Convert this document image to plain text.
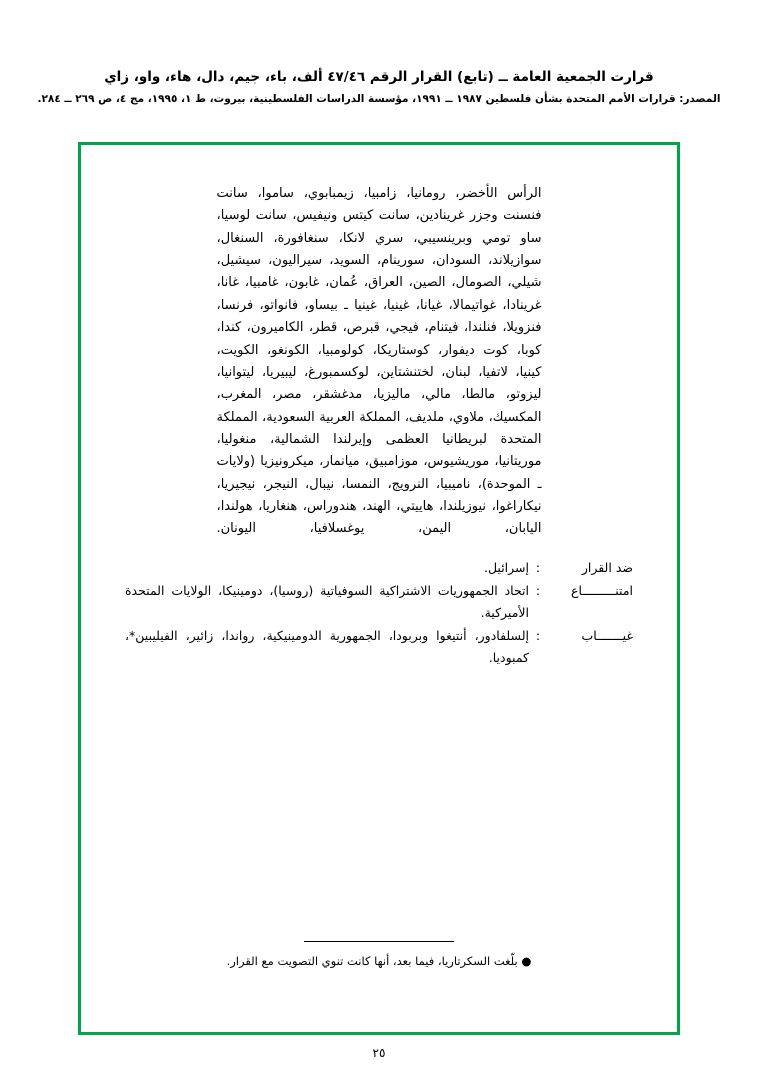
قرارت الجمعية العامة ــ (تابع) القرار الرقم ٤٧/٤٦ ألف، باء، جيم، دال، هاء، واو، زاي
المصدر: قرارات الأمم المتحدة بشأن فلسطين ١٩٨٧ ــ ١٩٩١، مؤسسة الدراسات الفلسطينية، بيروت، ط ١، ١٩٩٥، مج ٤، ص ٢٦٩ ــ ٢٨٤.
الرأس الأخضر، رومانيا، زامبيا، زيمبابوي، ساموا، سانت فنسنت وجزر غرينادين، سانت كيتس ونيفيس، سانت لوسيا، ساو تومي وبرينسيبي، سري لانكا، سنغافورة، السنغال، سوازيلاند، السودان، سورينام، السويد، سيراليون، سيشيل، شيلي، الصومال، الصين، العراق، عُمان، غابون، غامبيا، غانا، غرينادا، غواتيمالا، غيانا، غينيا، غينيا ـ بيساو، فانواتو، فرنسا، فنزويلا، فنلندا، فيتنام، فيجي، قبرص، قطر، الكاميرون، كندا، كوبا، كوت ديفوار، كوستاريكا، كولومبيا، الكونغو، الكويت، كينيا، لاتفيا، لبنان، لختنشتاين، لوكسمبورغ، ليبيريا، ليتوانيا، ليزوتو، مالطا، مالي، ماليزيا، مدغشقر، مصر، المغرب، المكسيك، ملاوي، ملديف، المملكة العربية السعودية، المملكة المتحدة لبريطانيا العظمى وإيرلندا الشمالية، منغوليا، موريتانيا، موريشيوس، موزامبيق، ميانمار، ميكرونيزيا (ولايات ـ الموحدة)، ناميبيا، النرويج، النمسا، نيبال، النيجر، نيجيريا، نيكاراغوا، نيوزيلندا، هاييتي، الهند، هندوراس، هنغاريا، هولندا، اليابان، اليمن، يوغسلافيا، اليونان.
ضد القرار
:
إسرائيل.
امتنـــــــــاع
:
اتحاد الجمهوريات الاشتراكية السوفياتية (روسيا)، دومينيكا، الولايات المتحدة الأميركية.
غيـــــــاب
:
إلسلفادور، أنتيغوا وبربودا، الجمهورية الدومينيكية، رواندا، زائير، الفيليبين*، كمبوديا.
● بلّغت السكرتاريا، فيما بعد، أنها كانت تنوي التصويت مع القرار.
٢٥
